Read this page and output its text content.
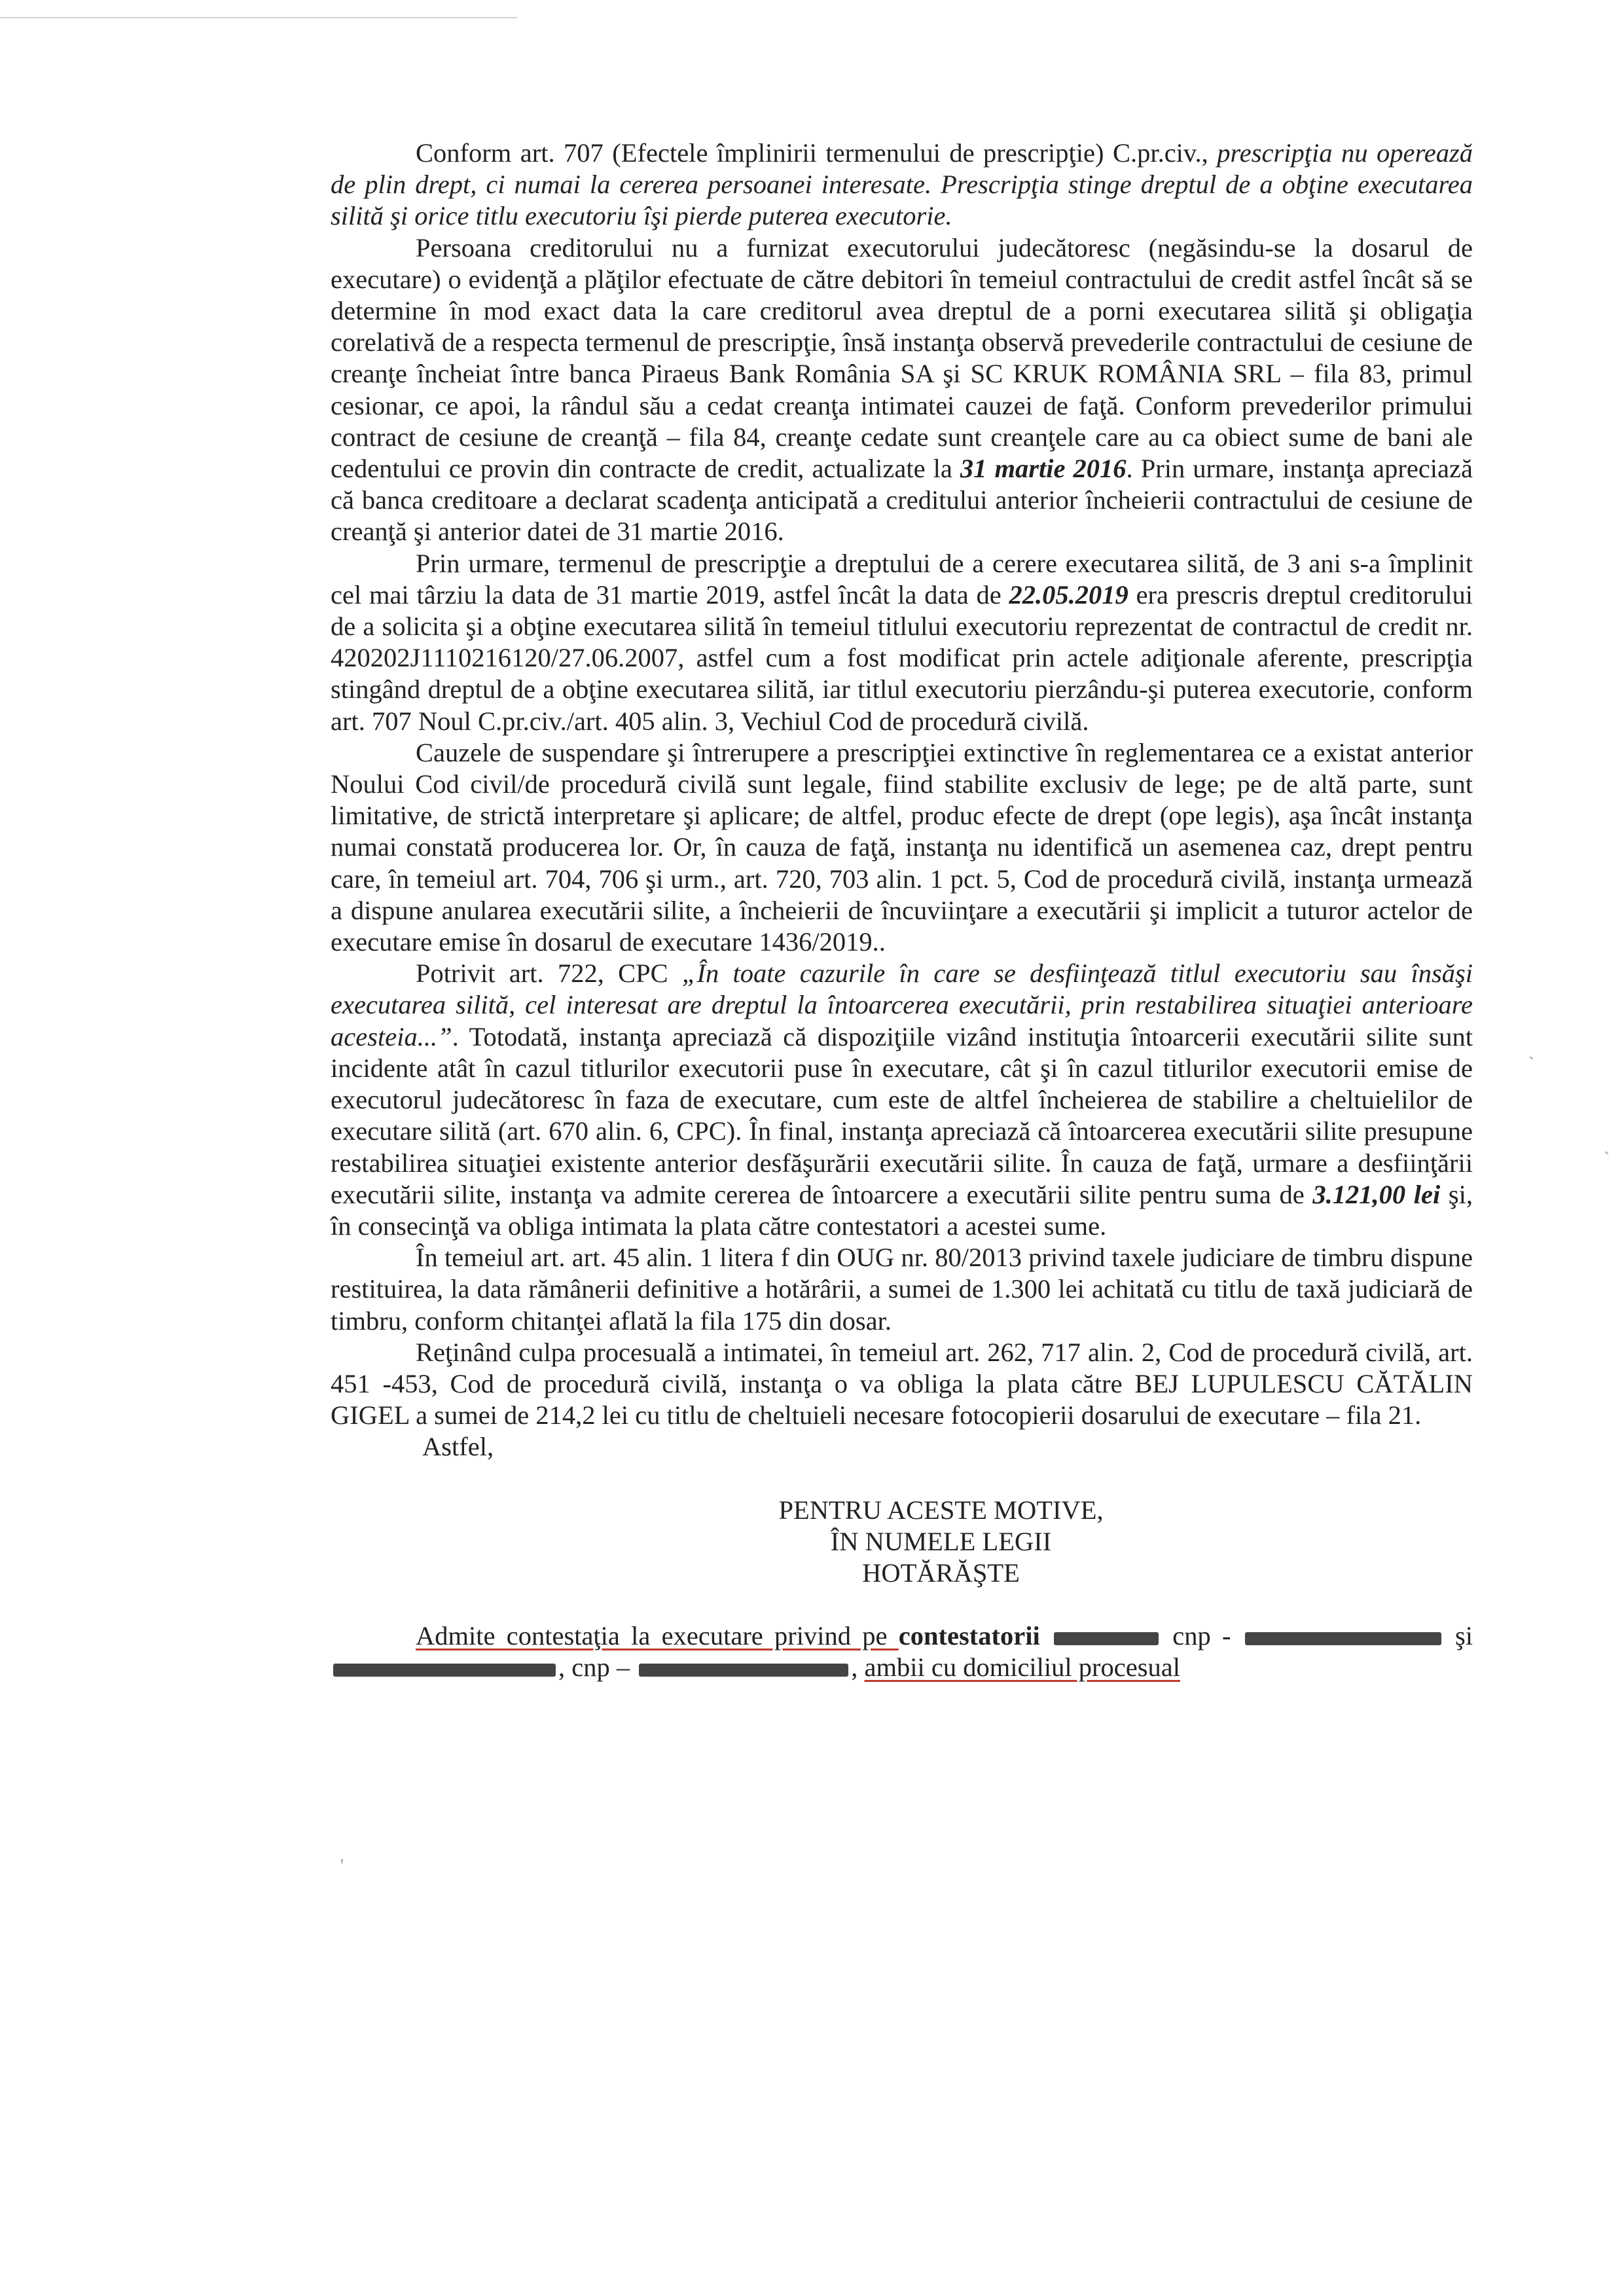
Conform art. 707 (Efectele împlinirii termenului de prescripţie) C.pr.civ., prescripţia nu operează de plin drept, ci numai la cererea persoanei interesate. Prescripţia stinge dreptul de a obţine executarea silită şi orice titlu executoriu îşi pierde puterea executorie.

Persoana creditorului nu a furnizat executorului judecătoresc (negăsindu-se la dosarul de executare) o evidenţă a plăţilor efectuate de către debitori în temeiul contractului de credit astfel încât să se determine în mod exact data la care creditorul avea dreptul de a porni executarea silită şi obligaţia corelativă de a respecta termenul de prescripţie, însă instanţa observă prevederile contractului de cesiune de creanţe încheiat între banca Piraeus Bank România SA şi SC KRUK ROMÂNIA SRL – fila 83, primul cesionar, ce apoi, la rândul său a cedat creanţa intimatei cauzei de faţă. Conform prevederilor primului contract de cesiune de creanţă – fila 84, creanţe cedate sunt creanţele care au ca obiect sume de bani ale cedentului ce provin din contracte de credit, actualizate la 31 martie 2016. Prin urmare, instanţa apreciază că banca creditoare a declarat scadenţa anticipată a creditului anterior încheierii contractului de cesiune de creanţă şi anterior datei de 31 martie 2016.

Prin urmare, termenul de prescripţie a dreptului de a cerere executarea silită, de 3 ani s-a împlinit cel mai târziu la data de 31 martie 2019, astfel încât la data de 22.05.2019 era prescris dreptul creditorului de a solicita şi a obţine executarea silită în temeiul titlului executoriu reprezentat de contractul de credit nr. 420202J1110216120/27.06.2007, astfel cum a fost modificat prin actele adiţionale aferente, prescripţia stingând dreptul de a obţine executarea silită, iar titlul executoriu pierzându-şi puterea executorie, conform art. 707 Noul C.pr.civ./art. 405 alin. 3, Vechiul Cod de procedură civilă.

Cauzele de suspendare şi întrerupere a prescripţiei extinctive în reglementarea ce a existat anterior Noului Cod civil/de procedură civilă sunt legale, fiind stabilite exclusiv de lege; pe de altă parte, sunt limitative, de strictă interpretare şi aplicare; de altfel, produc efecte de drept (ope legis), aşa încât instanţa numai constată producerea lor. Or, în cauza de faţă, instanţa nu identifică un asemenea caz, drept pentru care, în temeiul art. 704, 706 şi urm., art. 720, 703 alin. 1 pct. 5, Cod de procedură civilă, instanţa urmează a dispune anularea executării silite, a încheierii de încuviinţare a executării şi implicit a tuturor actelor de executare emise în dosarul de executare 1436/2019..

Potrivit art. 722, CPC „În toate cazurile în care se desfiinţează titlul executoriu sau însăşi executarea silită, cel interesat are dreptul la întoarcerea executării, prin restabilirea situaţiei anterioare acesteia...”. Totodată, instanţa apreciază că dispoziţiile vizând instituţia întoarcerii executării silite sunt incidente atât în cazul titlurilor executorii puse în executare, cât şi în cazul titlurilor executorii emise de executorul judecătoresc în faza de executare, cum este de altfel încheierea de stabilire a cheltuielilor de executare silită (art. 670 alin. 6, CPC). În final, instanţa apreciază că întoarcerea executării silite presupune restabilirea situaţiei existente anterior desfăşurării executării silite. În cauza de faţă, urmare a desfiinţării executării silite, instanţa va admite cererea de întoarcere a executării silite pentru suma de 3.121,00 lei şi, în consecinţă va obliga intimata la plata către contestatori a acestei sume.

În temeiul art. art. 45 alin. 1 litera f din OUG nr. 80/2013 privind taxele judiciare de timbru dispune restituirea, la data rămânerii definitive a hotărârii, a sumei de 1.300 lei achitată cu titlu de taxă judiciară de timbru, conform chitanţei aflată la fila 175 din dosar.

Reţinând culpa procesuală a intimatei, în temeiul art. 262, 717 alin. 2, Cod de procedură civilă, art. 451 -453, Cod de procedură civilă, instanţa o va obliga la plata către BEJ LUPULESCU CĂTĂLIN GIGEL a sumei de 214,2 lei cu titlu de cheltuieli necesare fotocopierii dosarului de executare – fila 21.

Astfel,

PENTRU ACESTE MOTIVE,
ÎN NUMELE LEGII
HOTĂRĂŞTE

Admite contestaţia la executare privind pe contestatorii	cnp -	şi , cnp –	, ambii cu domiciliul procesual

`
`
'
